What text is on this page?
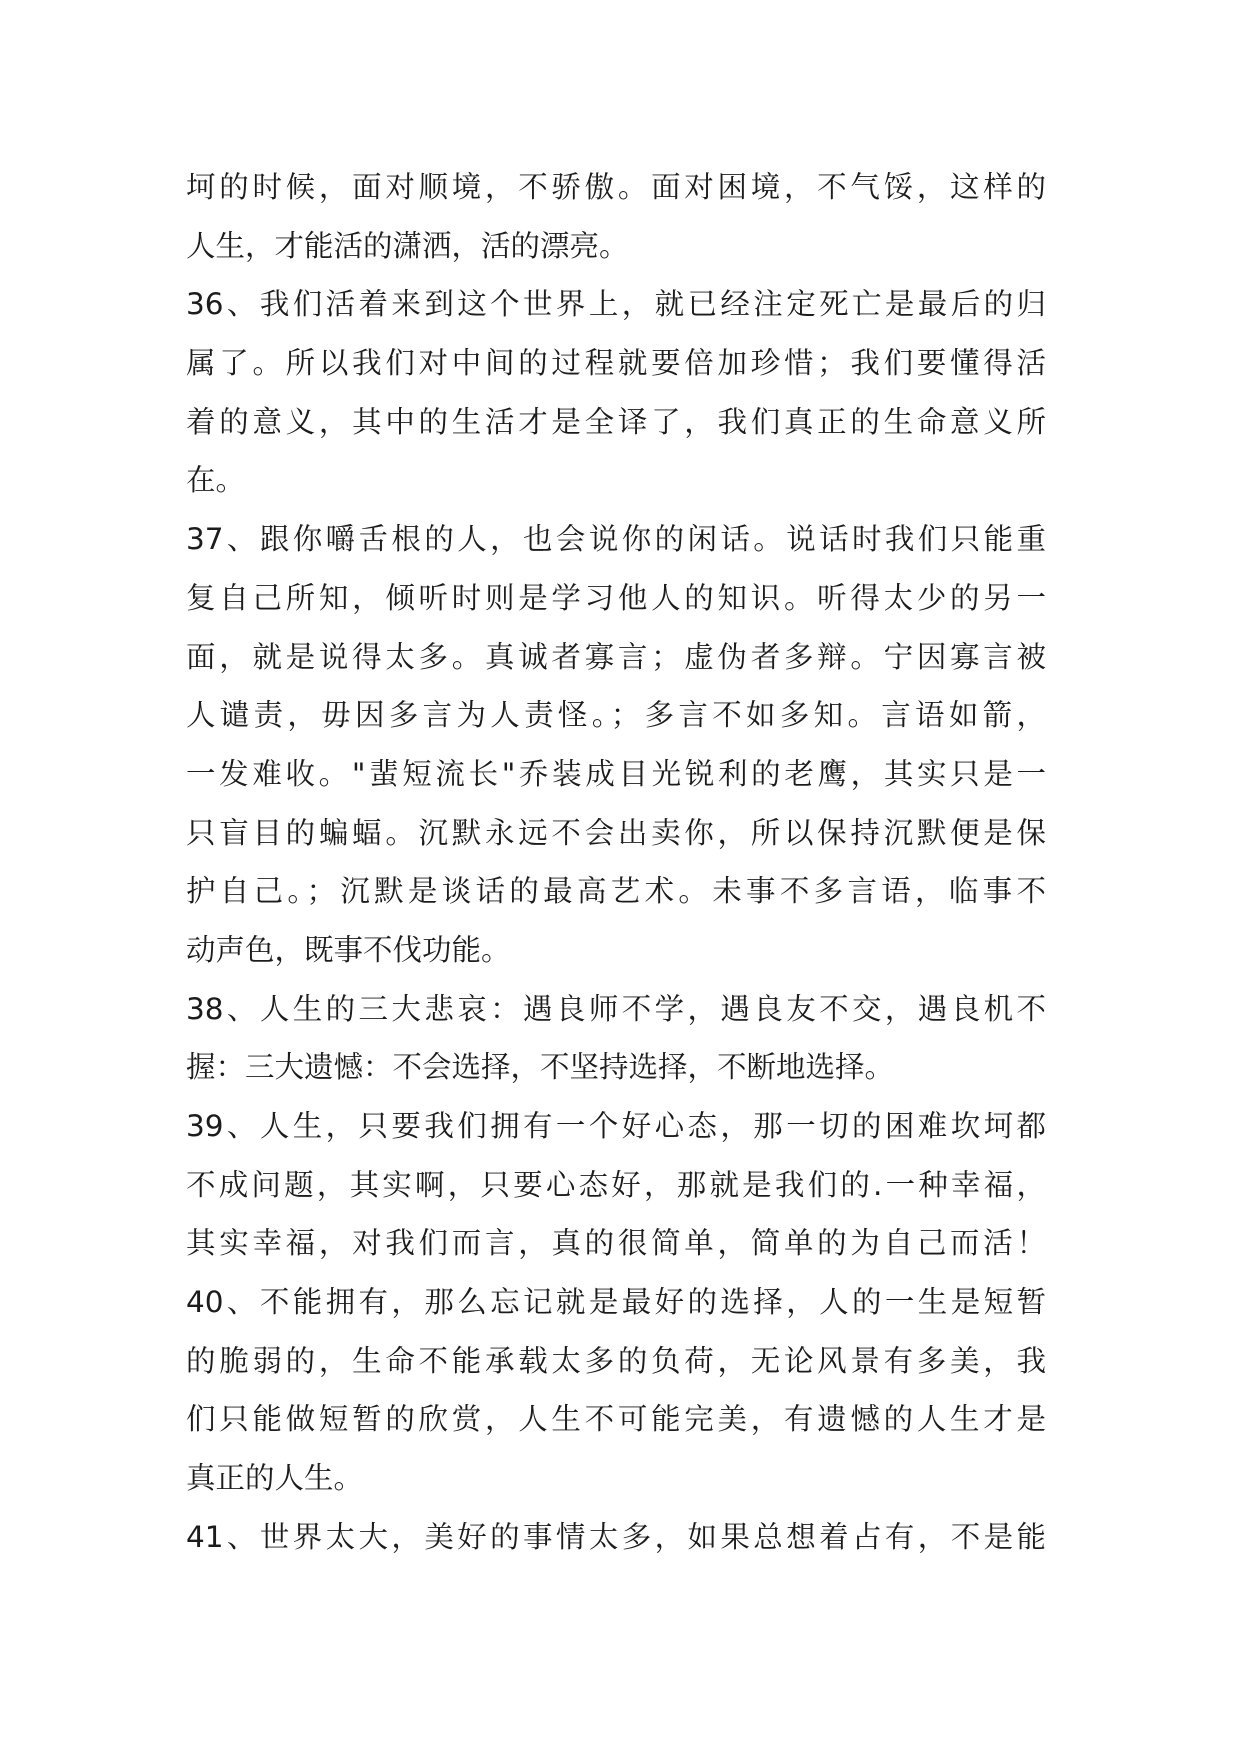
坷的时候，面对顺境，不骄傲。面对困境，不气馁，这样的
人生，才能活的潇洒，活的漂亮。
36、我们活着来到这个世界上，就已经注定死亡是最后的归
属了。所以我们对中间的过程就要倍加珍惜；我们要懂得活
着的意义，其中的生活才是全译了，我们真正的生命意义所
在。
37、跟你嚼舌根的人，也会说你的闲话。说话时我们只能重
复自己所知，倾听时则是学习他人的知识。听得太少的另一
面，就是说得太多。真诚者寡言；虚伪者多辩。宁因寡言被
人谴责，毋因多言为人责怪。；多言不如多知。言语如箭，
一发难收。"蜚短流长"乔装成目光锐利的老鹰，其实只是一
只盲目的蝙蝠。沉默永远不会出卖你，所以保持沉默便是保
护自己。；沉默是谈话的最高艺术。未事不多言语，临事不
动声色，既事不伐功能。
38、人生的三大悲哀：遇良师不学，遇良友不交，遇良机不
握：三大遗憾：不会选择，不坚持选择，不断地选择。
39、人生，只要我们拥有一个好心态，那一切的困难坎坷都
不成问题，其实啊，只要心态好，那就是我们的.一种幸福，
其实幸福，对我们而言，真的很简单，简单的为自己而活！
40、不能拥有，那么忘记就是最好的选择，人的一生是短暂
的脆弱的，生命不能承载太多的负荷，无论风景有多美，我
们只能做短暂的欣赏，人生不可能完美，有遗憾的人生才是
真正的人生。
41、世界太大，美好的事情太多，如果总想着占有，不是能
